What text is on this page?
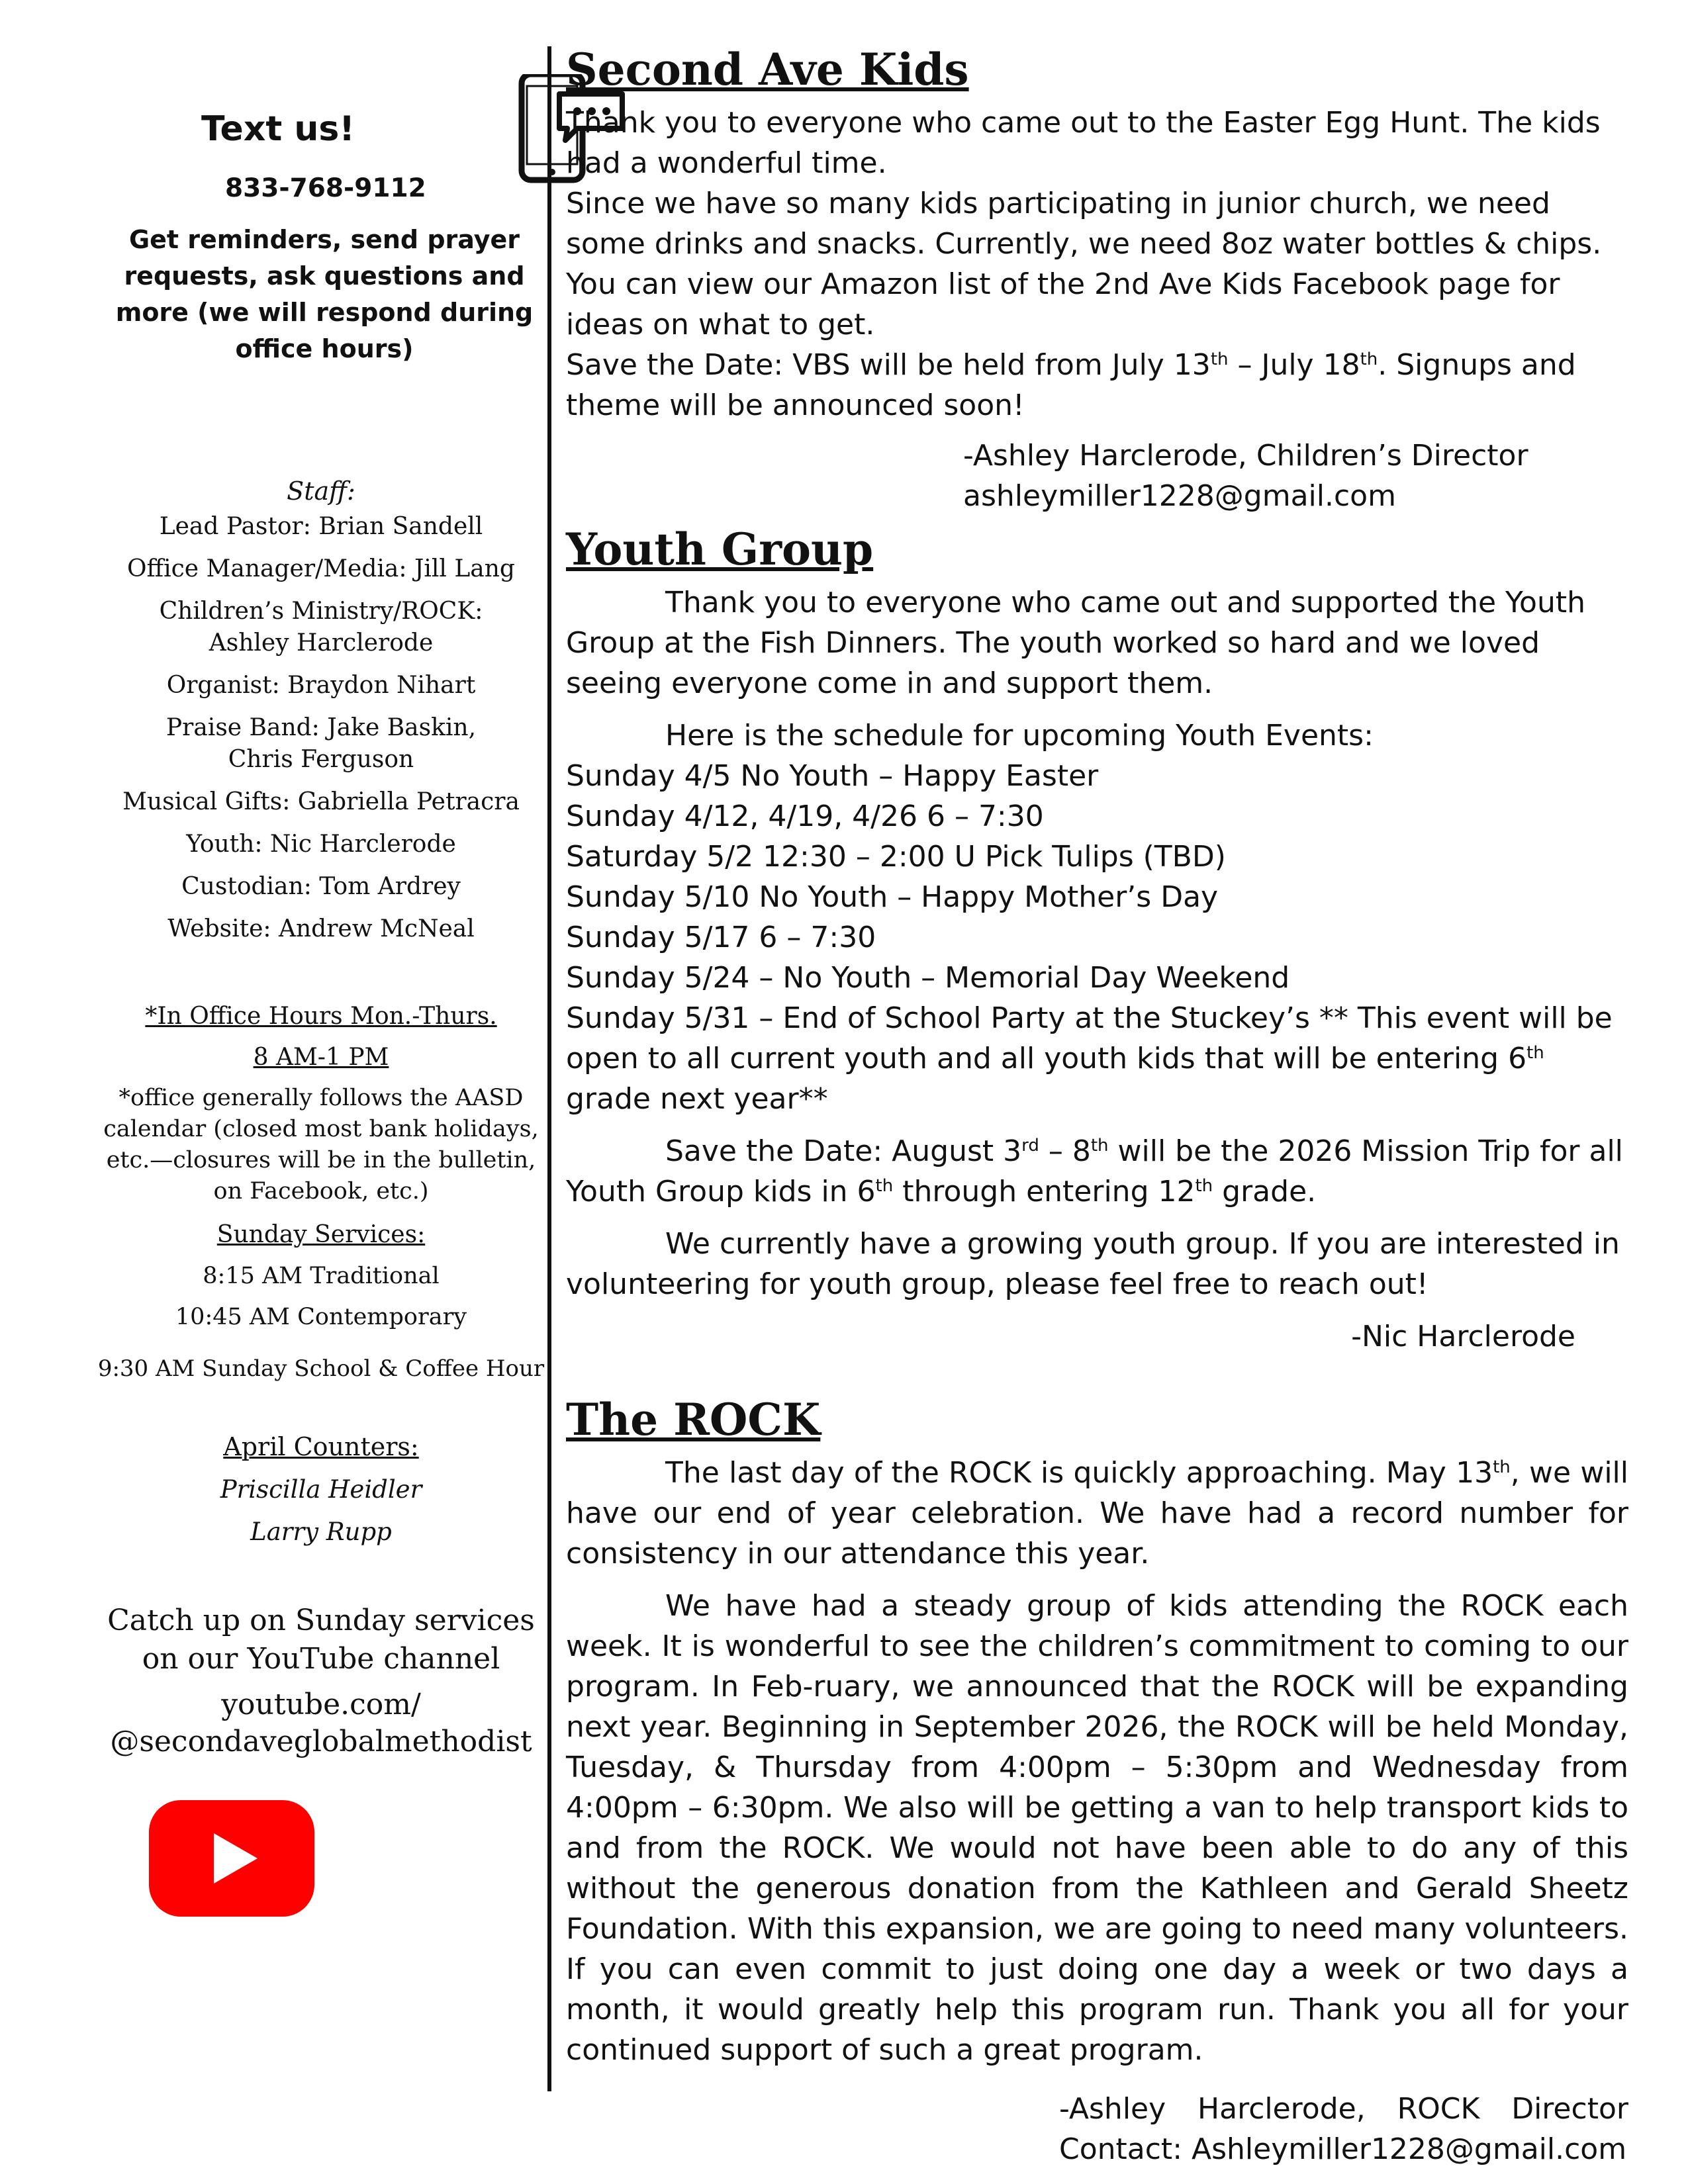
Text us!
833-768-9112
Get reminders, send prayer requests, ask questions and more (we will respond during office hours)
Staff:
Lead Pastor: Brian Sandell
Office Manager/Media: Jill Lang
Children’s Ministry/ROCK:
Ashley Harclerode
Organist: Braydon Nihart
Praise Band: Jake Baskin,
Chris Ferguson
Musical Gifts: Gabriella Petracra
Youth: Nic Harclerode
Custodian: Tom Ardrey
Website: Andrew McNeal
*In Office Hours Mon.-Thurs.
8 AM-1 PM
*office generally follows the AASD calendar (closed most bank holidays, etc.—closures will be in the bulletin, on Facebook, etc.)
Sunday Services:
8:15 AM Traditional
10:45 AM Contemporary
9:30 AM Sunday School & Coffee Hour
April Counters:
Priscilla Heidler
Larry Rupp
Catch up on Sunday services on our YouTube channel
youtube.com/
@secondaveglobalmethodist
Second Ave Kids

Thank you to everyone who came out to the Easter Egg Hunt. The kids had a wonderful time.

Since we have so many kids participating in junior church, we need some drinks and snacks. Currently, we need 8oz water bottles & chips. You can view our Amazon list of the 2nd Ave Kids Facebook page for ideas on what to get.

Save the Date: VBS will be held from July 13th – July 18th. Signups and theme will be announced soon!

-Ashley Harclerode, Children’s Director
ashleymiller1228@gmail.com
Youth Group

Thank you to everyone who came out and supported the Youth Group at the Fish Dinners. The youth worked so hard and we loved seeing everyone come in and support them.

Here is the schedule for upcoming Youth Events:

Sunday 4/5 No Youth – Happy Easter

Sunday 4/12, 4/19, 4/26 6 – 7:30

Saturday 5/2 12:30 – 2:00 U Pick Tulips (TBD)

Sunday 5/10 No Youth – Happy Mother’s Day

Sunday 5/17 6 – 7:30

Sunday 5/24 – No Youth – Memorial Day Weekend

Sunday 5/31 – End of School Party at the Stuckey’s ** This event will be open to all current youth and all youth kids that will be entering 6th grade next year**

Save the Date: August 3rd – 8th will be the 2026 Mission Trip for all Youth Group kids in 6th through entering 12th grade.

We currently have a growing youth group. If you are interested in volunteering for youth group, please feel free to reach out!

-Nic Harclerode
The ROCK

The last day of the ROCK is quickly approaching. May 13th, we will have our end of year celebration. We have had a record number for consistency in our attendance this year.

We have had a steady group of kids attending the ROCK each week. It is wonderful to see the children’s commitment to coming to our program. In Feb-ruary, we announced that the ROCK will be expanding next year. Beginning in September 2026, the ROCK will be held Monday, Tuesday, & Thursday from 4:00pm – 5:30pm and Wednesday from 4:00pm – 6:30pm. We also will be getting a van to help transport kids to and from the ROCK. We would not have been able to do any of this without the generous donation from the Kathleen and Gerald Sheetz Foundation. With this expansion, we are going to need many volunteers. If you can even commit to just doing one day a week or two days a month, it would greatly help this program run. Thank you all for your continued support of such a great program.

-Ashley Harclerode, ROCK Director
Contact: Ashleymiller1228@gmail.com
